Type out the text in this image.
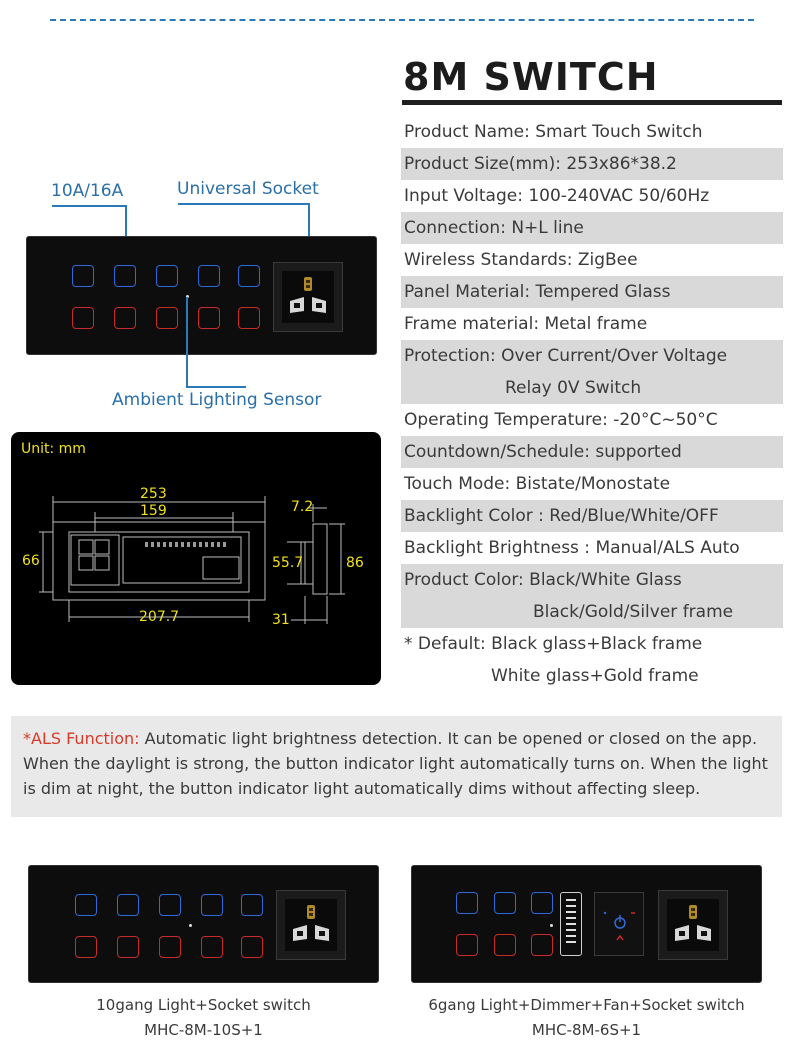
8M SWITCH
Product Name: Smart Touch Switch
Product Size(mm): 253x86*38.2
Input Voltage: 100-240VAC 50/60Hz
Connection: N+L line
Wireless Standards: ZigBee
Panel Material: Tempered Glass
Frame material: Metal frame
Protection: Over Current/Over Voltage
Relay 0V Switch
Operating Temperature: -20°C~50°C
Countdown/Schedule: supported
Touch Mode: Bistate/Monostate
Backlight Color : Red/Blue/White/OFF
Backlight Brightness : Manual/ALS Auto
Product Color: Black/White Glass
Black/Gold/Silver frame
* Default: Black glass+Black frame
White glass+Gold frame
10A/16A	Universal Socket
Ambient Lighting Sensor
Unit: mm
253
159
207.7
66
7.2
55.7	86
31
*ALS Function: Automatic light brightness detection. It can be opened or closed on the app. When the daylight is strong, the button indicator light automatically turns on. When the light is dim at night, the button indicator light automatically dims without affecting sleep.
10gang Light+Socket switch
MHC-8M-10S+1
6gang Light+Dimmer+Fan+Socket switch
MHC-8M-6S+1
